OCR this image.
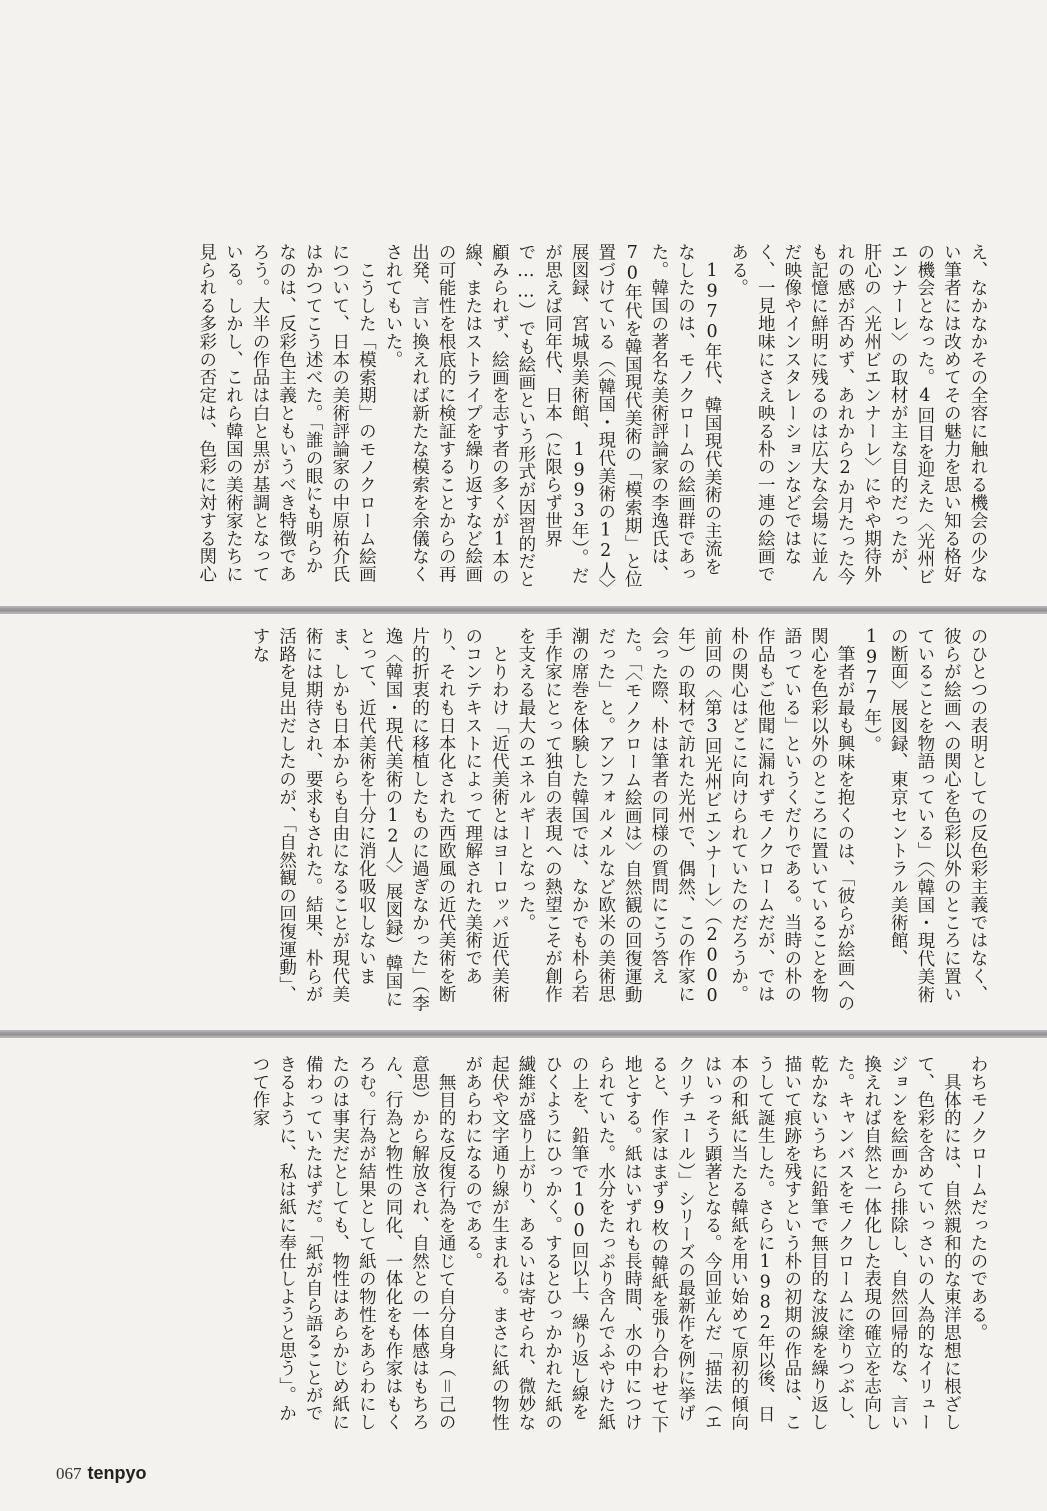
え、なかなかその全容に触れる機会の少ない筆者には改めてその魅力を思い知る格好の機会となった。4回目を迎えた〈光州ビエンナーレ〉の取材が主な目的だったが、肝心の〈光州ビエンナーレ〉にやや期待外れの感が否めず、あれから2か月たった今も記憶に鮮明に残るのは広大な会場に並んだ映像やインスタレーションなどではなく、一見地味にさえ映る朴の一連の絵画である。

1970年代、韓国現代美術の主流をなしたのは、モノクロームの絵画群であった。韓国の著名な美術評論家の李逸氏は、70年代を韓国現代美術の「模索期」と位置づけている（〈韓国・現代美術の12人〉展図録、宮城県美術館、1993年）。だが思えば同年代、日本（に限らず世界で……）でも絵画という形式が因習的だと顧みられず、絵画を志す者の多くが1本の線、またはストライプを繰り返すなど絵画の可能性を根底的に検証することからの再出発、言い換えれば新たな模索を余儀なくされてもいた。

こうした「模索期」のモノクローム絵画について、日本の美術評論家の中原祐介氏はかつてこう述べた。「誰の眼にも明らかなのは、反彩色主義ともいうべき特徴であろう。大半の作品は白と黒が基調となっている。しかし、これら韓国の美術家たちに見られる多彩の否定は、色彩に対する関心

のひとつの表明としての反色彩主義ではなく、彼らが絵画への関心を色彩以外のところに置いていることを物語っている」（〈韓国・現代美術の断面〉展図録、東京セントラル美術館、1977年）。

筆者が最も興味を抱くのは、「彼らが絵画への関心を色彩以外のところに置いていることを物語っている」というくだりである。当時の朴の作品もご他聞に漏れずモノクロームだが、では朴の関心はどこに向けられていたのだろうか。前回の〈第3回光州ビエンナーレ〉（2000年）の取材で訪れた光州で、偶然、この作家に会った際、朴は筆者の同様の質問にこう答えた。「〈モノクローム絵画は〉自然観の回復運動だった」と。アンフォルメルなど欧米の美術思潮の席巻を体験した韓国では、なかでも朴ら若手作家にとって独自の表現への熱望こそが創作を支える最大のエネルギーとなった。

とりわけ「近代美術とはヨーロッパ近代美術のコンテキストによって理解された美術であり、それも日本化された西欧風の近代美術を断片的折衷的に移植したものに過ぎなかった」（李逸〈韓国・現代美術の12人〉展図録）韓国にとって、近代美術を十分に消化吸収しないまま、しかも日本からも自由になることが現代美術には期待され、要求もされた。結果、朴らが活路を見出だしたのが、「自然観の回復運動」、すな

わちモノクロームだったのである。

具体的には、自然親和的な東洋思想に根ざして、色彩を含めていっさいの人為的なイリュージョンを絵画から排除し、自然回帰的な、言い換えれば自然と一体化した表現の確立を志向した。キャンバスをモノクロームに塗りつぶし、乾かないうちに鉛筆で無目的な波線を繰り返し描いて痕跡を残すという朴の初期の作品は、こうして誕生した。さらに1982年以後、日本の和紙に当たる韓紙を用い始めて原初的傾向はいっそう顕著となる。今回並んだ「描法（エクリチュール）」シリーズの最新作を例に挙げると、作家はまず9枚の韓紙を張り合わせて下地とする。紙はいずれも長時間、水の中につけられていた。水分をたっぷり含んでふやけた紙の上を、鉛筆で100回以上、繰り返し線をひくようにひっかく。するとひっかかれた紙の繊維が盛り上がり、あるいは寄せられ、微妙な起伏や文字通り線が生まれる。まさに紙の物性があらわになるのである。

無目的な反復行為を通じて自分自身（＝己の意思）から解放され、自然との一体感はもちろん、行為と物性の同化、一体化をも作家はもくろむ。行為が結果として紙の物性をあらわにしたのは事実だとしても、物性はあらかじめ紙に備わっていたはずだ。「紙が自ら語ることができるように、私は紙に奉仕しようと思う」。かつて作家

067 tenpyo
